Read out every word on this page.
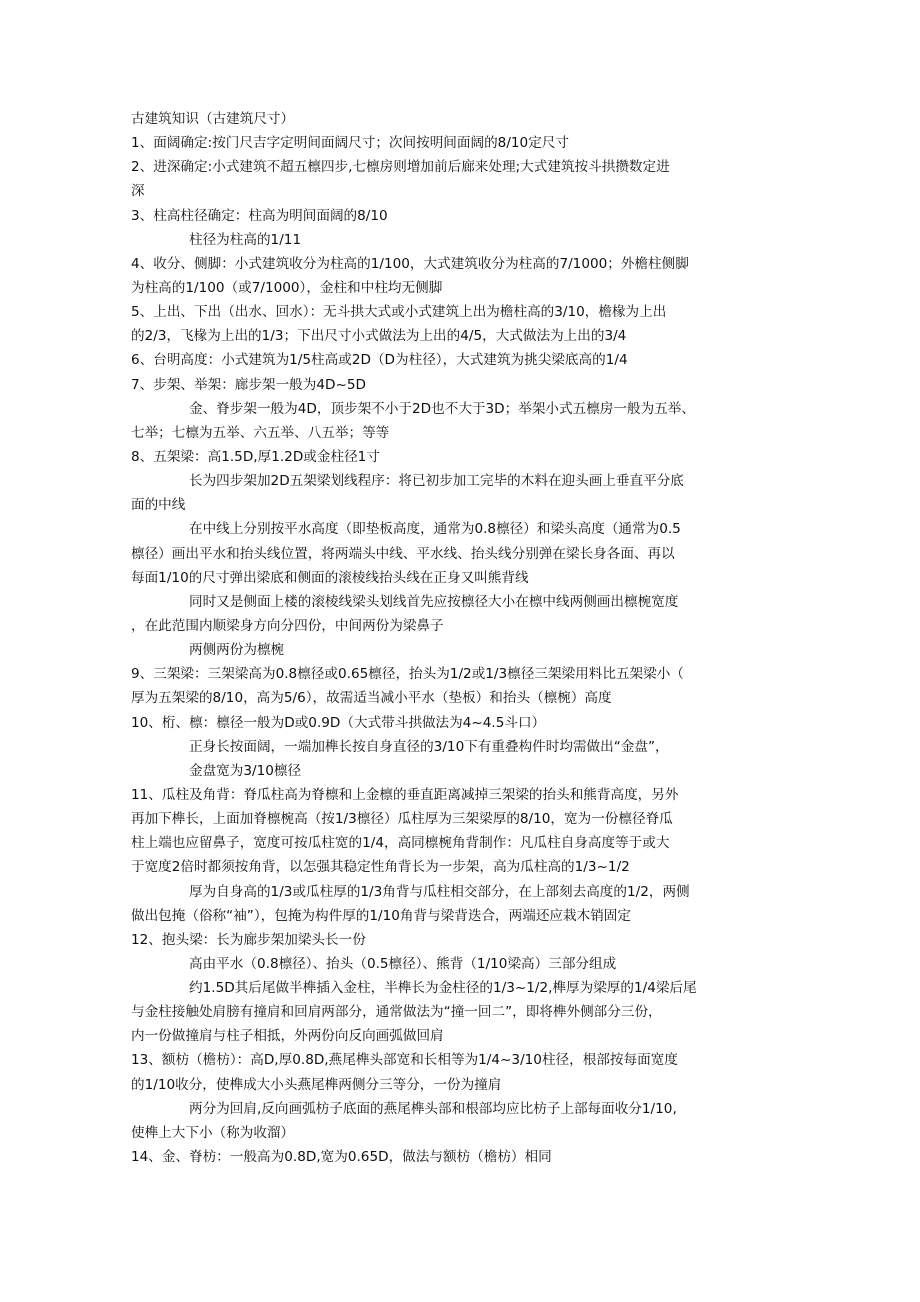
古建筑知识（古建筑尺寸）
1、面阔确定:按门尺吉字定明间面阔尺寸；次间按明间面阔的8/10定尺寸
2、进深确定:小式建筑不超五檩四步,七檩房则增加前后廊来处理;大式建筑按斗拱攒数定进
深
3、柱高柱径确定：柱高为明间面阔的8/10
柱径为柱高的1/11
4、收分、侧脚：小式建筑收分为柱高的1/100，大式建筑收分为柱高的7/1000；外檐柱侧脚
为柱高的1/100（或7/1000），金柱和中柱均无侧脚
5、上出、下出（出水、回水）：无斗拱大式或小式建筑上出为檐柱高的3/10，檐椽为上出
的2/3，飞椽为上出的1/3；下出尺寸小式做法为上出的4/5，大式做法为上出的3/4
6、台明高度：小式建筑为1/5柱高或2D（D为柱径），大式建筑为挑尖梁底高的1/4
7、步架、举架：廊步架一般为4D~5D
金、脊步架一般为4D，顶步架不小于2D也不大于3D；举架小式五檩房一般为五举、
七举；七檩为五举、六五举、八五举；等等
8、五架梁：高1.5D,厚1.2D或金柱径1寸
长为四步架加2D五架梁划线程序：将已初步加工完毕的木料在迎头画上垂直平分底
面的中线
在中线上分别按平水高度（即垫板高度，通常为0.8檩径）和梁头高度（通常为0.5
檩径）画出平水和抬头线位置，将两端头中线、平水线、抬头线分别弹在梁长身各面、再以
每面1/10的尺寸弹出梁底和侧面的滚棱线抬头线在正身又叫熊背线
同时又是侧面上楼的滚棱线梁头划线首先应按檩径大小在檩中线两侧画出檩椀宽度
，在此范围内顺梁身方向分四份，中间两份为梁鼻子
两侧两份为檩椀
9、三架梁：三架梁高为0.8檩径或0.65檩径，抬头为1/2或1/3檩径三架梁用料比五架梁小（
厚为五架梁的8/10，高为5/6），故需适当减小平水（垫板）和抬头（檩椀）高度
10、桁、檩：檩径一般为D或0.9D（大式带斗拱做法为4~4.5斗口）
正身长按面阔，一端加榫长按自身直径的3/10下有重叠构件时均需做出“金盘”，
金盘宽为3/10檩径
11、瓜柱及角背：脊瓜柱高为脊檩和上金檩的垂直距离减掉三架梁的抬头和熊背高度，另外
再加下榫长，上面加脊檩椀高（按1/3檩径）瓜柱厚为三架梁厚的8/10，宽为一份檩径脊瓜
柱上端也应留鼻子，宽度可按瓜柱宽的1/4，高同檩椀角背制作：凡瓜柱自身高度等于或大
于宽度2倍时都须按角背，以怎强其稳定性角背长为一步架，高为瓜柱高的1/3~1/2
厚为自身高的1/3或瓜柱厚的1/3角背与瓜柱相交部分，在上部刻去高度的1/2，两侧
做出包掩（俗称“袖”），包掩为构件厚的1/10角背与梁背迭合，两端还应栽木销固定
12、抱头梁：长为廊步架加梁头长一份
高由平水（0.8檩径）、抬头（0.5檩径）、熊背（1/10梁高）三部分组成
约1.5D其后尾做半榫插入金柱，半榫长为金柱径的1/3~1/2,榫厚为梁厚的1/4梁后尾
与金柱接触处肩膀有撞肩和回肩两部分，通常做法为“撞一回二”，即将榫外侧部分三份，
内一份做撞肩与柱子相抵，外两份向反向画弧做回肩
13、额枋（檐枋）：高D,厚0.8D,燕尾榫头部宽和长相等为1/4~3/10柱径，根部按每面宽度
的1/10收分，使榫成大小头燕尾榫两侧分三等分，一份为撞肩
两分为回肩,反向画弧枋子底面的燕尾榫头部和根部均应比枋子上部每面收分1/10,
使榫上大下小（称为收溜）
14、金、脊枋：一般高为0.8D,宽为0.65D，做法与额枋（檐枋）相同
